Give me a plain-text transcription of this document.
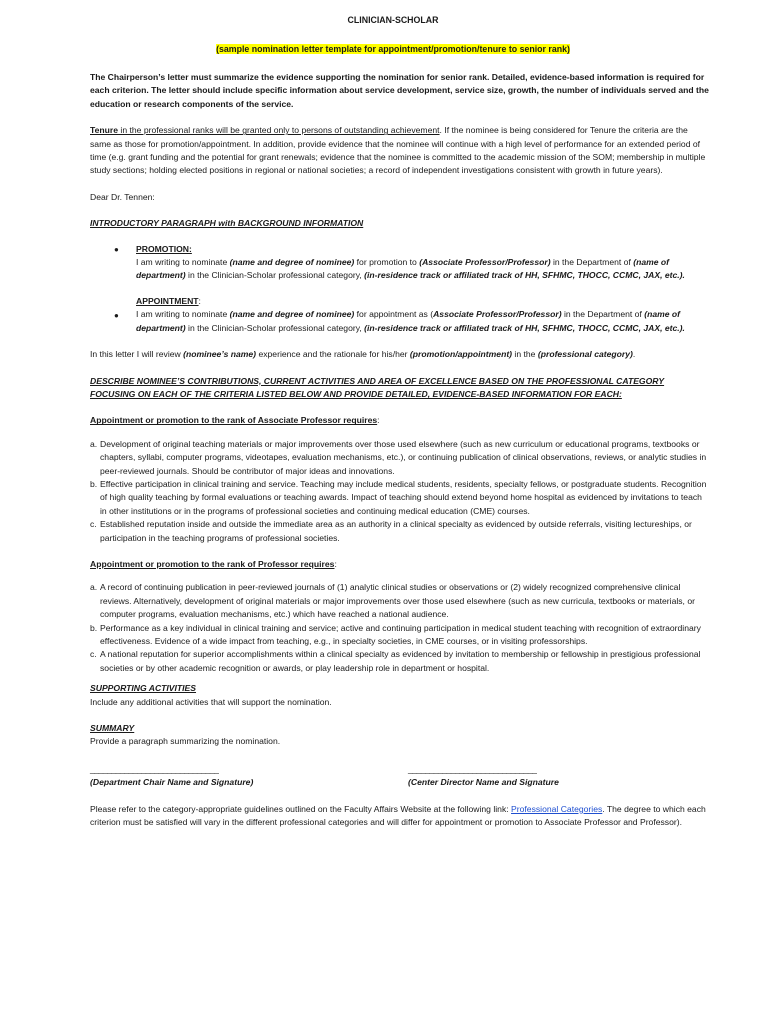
CLINICIAN-SCHOLAR

(sample nomination letter template for appointment/promotion/tenure to senior rank)

The Chairperson’s letter must summarize the evidence supporting the nomination for senior rank. Detailed, evidence-based information is required for each criterion. The letter should include specific information about service development, service size, growth, the number of individuals served and the education or research components of the service.

Tenure in the professional ranks will be granted only to persons of outstanding achievement. If the nominee is being considered for Tenure the criteria are the same as those for promotion/appointment. In addition, provide evidence that the nominee will continue with a high level of performance for an extended period of time (e.g. grant funding and the potential for grant renewals; evidence that the nominee is committed to the academic mission of the SOM; membership in multiple study sections; holding elected positions in regional or national societies; a record of independent investigations consistent with growth in future years).

Dear Dr. Tennen:

INTRODUCTORY PARAGRAPH with BACKGROUND INFORMATION

● PROMOTION:
I am writing to nominate (name and degree of nominee) for promotion to (Associate Professor/Professor) in the Department of (name of department) in the Clinician-Scholar professional category, (in-residence track or affiliated track of HH, SFHMC, THOCC, CCMC, JAX, etc.).
APPOINTMENT:

● I am writing to nominate (name and degree of nominee) for appointment as (Associate Professor/Professor) in the Department of (name of department) in the Clinician-Scholar professional category, (in-residence track or affiliated track of HH, SFHMC, THOCC, CCMC, JAX, etc.).

In this letter I will review (nominee’s name) experience and the rationale for his/her (promotion/appointment) in the (professional category).

DESCRIBE NOMINEE’S CONTRIBUTIONS, CURRENT ACTIVITIES AND AREA OF EXCELLENCE BASED ON THE PROFESSIONAL CATEGORY FOCUSING ON EACH OF THE CRITERIA LISTED BELOW AND PROVIDE DETAILED, EVIDENCE-BASED INFORMATION FOR EACH:

Appointment or promotion to the rank of Associate Professor requires:

a. Development of original teaching materials or major improvements over those used elsewhere (such as new curriculum or educational programs, textbooks or chapters, syllabi, computer programs, videotapes, evaluation mechanisms, etc.), or continuing publication of clinical observations, reviews, or analytic studies in peer-reviewed journals. Should be contributor of major ideas and innovations.
b. Effective participation in clinical training and service. Teaching may include medical students, residents, specialty fellows, or postgraduate students. Recognition of high quality teaching by formal evaluations or teaching awards. Impact of teaching should extend beyond home hospital as evidenced by invitations to teach in other institutions or in the programs of professional societies and continuing medical education (CME) courses.
c. Established reputation inside and outside the immediate area as an authority in a clinical specialty as evidenced by outside referrals, visiting lectureships, or participation in the teaching programs of professional societies.

Appointment or promotion to the rank of Professor requires:

a. A record of continuing publication in peer-reviewed journals of (1) analytic clinical studies or observations or (2) widely recognized comprehensive clinical reviews. Alternatively, development of original materials or major improvements over those used elsewhere (such as new curricula, textbooks or materials, or computer programs, evaluation mechanisms, etc.) which have reached a national audience.
b. Performance as a key individual in clinical training and service; active and continuing participation in medical student teaching with recognition of extraordinary effectiveness. Evidence of a wide impact from teaching, e.g., in specialty societies, in CME courses, or in visiting professorships.
c. A national reputation for superior accomplishments within a clinical specialty as evidenced by invitation to membership or fellowship in prestigious professional societies or by other academic recognition or awards, or play leadership role in department or hospital.

SUPPORTING ACTIVITIES

Include any additional activities that will support the nomination.

SUMMARY

Provide a paragraph summarizing the nomination.

______________________________
(Department Chair Name and Signature)
______________________________
(Center Director Name and Signature

Please refer to the category-appropriate guidelines outlined on the Faculty Affairs Website at the following link: Professional Categories. The degree to which each criterion must be satisfied will vary in the different professional categories and will differ for appointment or promotion to Associate Professor and Professor).
